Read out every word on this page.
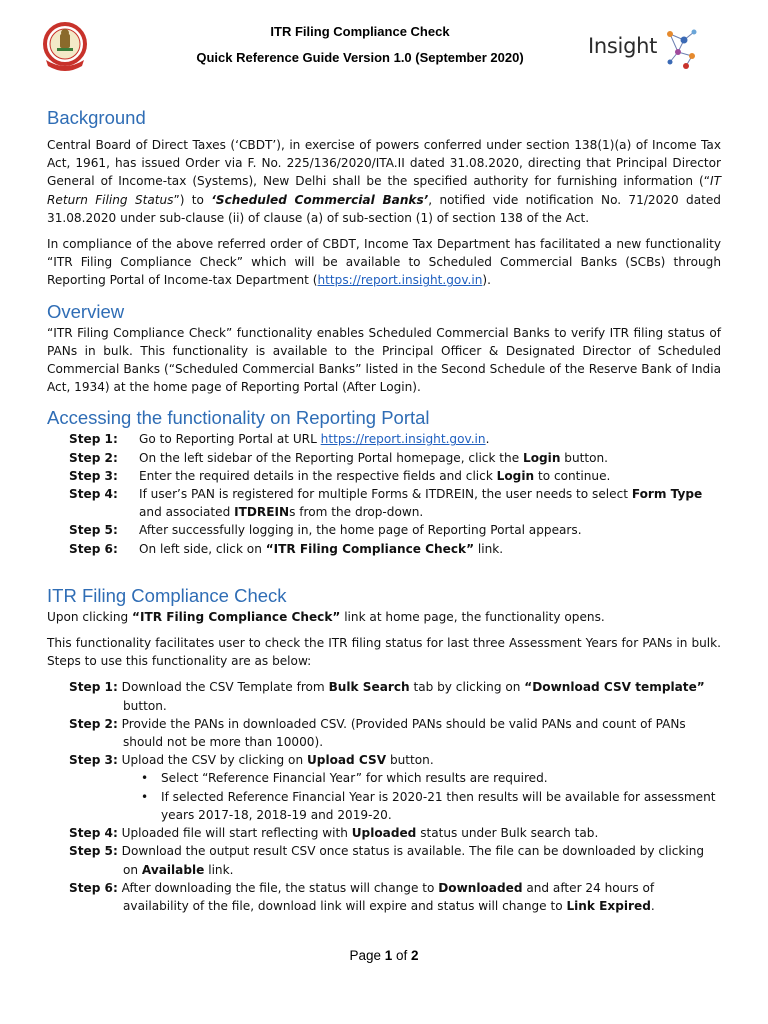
ITR Filing Compliance Check
Quick Reference Guide Version 1.0 (September 2020)	Insight
Background

Central Board of Direct Taxes (‘CBDT’), in exercise of powers conferred under section 138(1)(a) of Income Tax Act, 1961, has issued Order via F. No. 225/136/2020/ITA.II dated 31.08.2020, directing that Principal Director General of Income-tax (Systems), New Delhi shall be the specified authority for furnishing information (“IT Return Filing Status”) to ‘Scheduled Commercial Banks’, notified vide notification No. 71/2020 dated 31.08.2020 under sub-clause (ii) of clause (a) of sub-section (1) of section 138 of the Act.

In compliance of the above referred order of CBDT, Income Tax Department has facilitated a new functionality “ITR Filing Compliance Check” which will be available to Scheduled Commercial Banks (SCBs) through Reporting Portal of Income-tax Department (https://report.insight.gov.in).

Overview

“ITR Filing Compliance Check” functionality enables Scheduled Commercial Banks to verify ITR filing status of PANs in bulk. This functionality is available to the Principal Officer & Designated Director of Scheduled Commercial Banks (“Scheduled Commercial Banks” listed in the Second Schedule of the Reserve Bank of India Act, 1934) at the home page of Reporting Portal (After Login).

Accessing the functionality on Reporting Portal
Step 1:	Go to Reporting Portal at URL https://report.insight.gov.in.
Step 2:	On the left sidebar of the Reporting Portal homepage, click the Login button.
Step 3:	Enter the required details in the respective fields and click Login to continue.
Step 4:	If user’s PAN is registered for multiple Forms & ITDREIN, the user needs to select Form Type and associated ITDREINs from the drop-down.
Step 5:	After successfully logging in, the home page of Reporting Portal appears.
Step 6:	On left side, click on “ITR Filing Compliance Check” link.
ITR Filing Compliance Check

Upon clicking “ITR Filing Compliance Check” link at home page, the functionality opens.

This functionality facilitates user to check the ITR filing status for last three Assessment Years for PANs in bulk. Steps to use this functionality are as below:

Step 1: Download the CSV Template from Bulk Search tab by clicking on “Download CSV template” button.
Step 2: Provide the PANs in downloaded CSV. (Provided PANs should be valid PANs and count of PANs should not be more than 10000).
Step 3: Upload the CSV by clicking on Upload CSV button.
• Select “Reference Financial Year” for which results are required.
• If selected Reference Financial Year is 2020-21 then results will be available for assessment years 2017-18, 2018-19 and 2019-20.
Step 4: Uploaded file will start reflecting with Uploaded status under Bulk search tab.
Step 5: Download the output result CSV once status is available. The file can be downloaded by clicking on Available link.
Step 6: After downloading the file, the status will change to Downloaded and after 24 hours of availability of the file, download link will expire and status will change to Link Expired.
Page 1 of 2
